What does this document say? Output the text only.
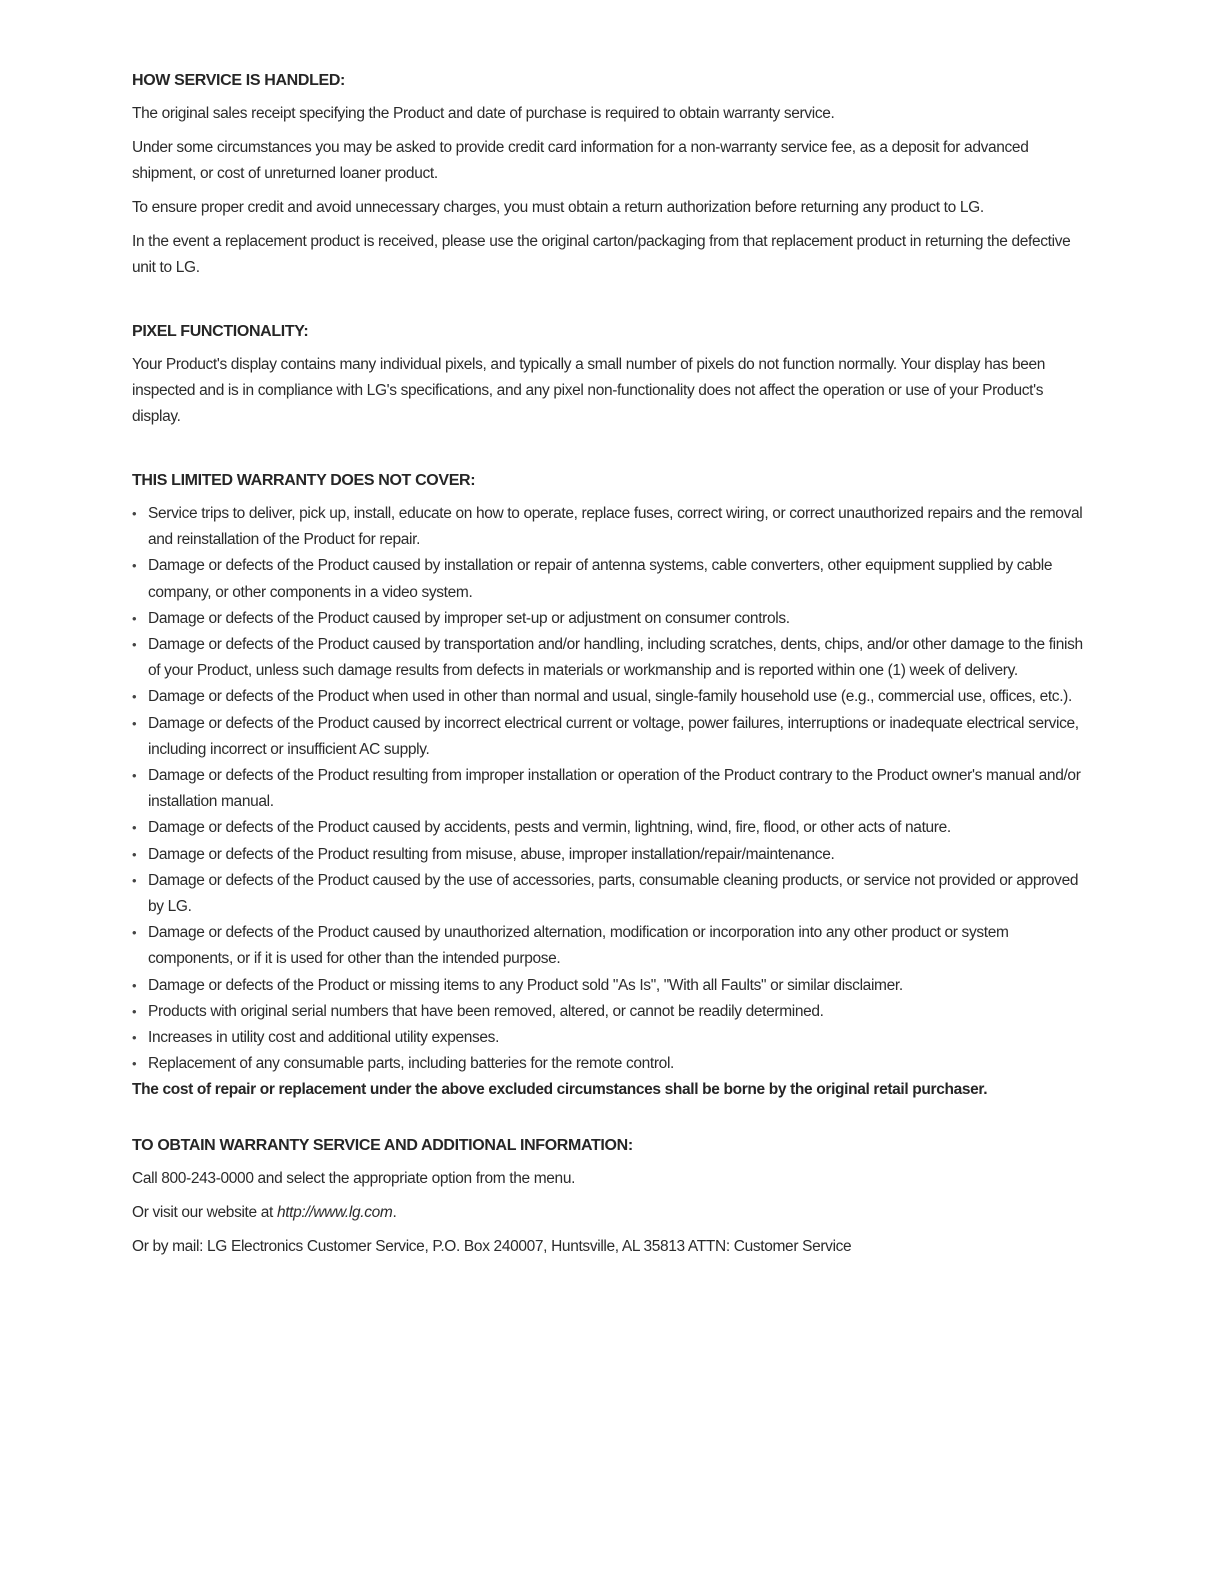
HOW SERVICE IS HANDLED:
The original sales receipt specifying the Product and date of purchase is required to obtain warranty service.
Under some circumstances you may be asked to provide credit card information for a non-warranty service fee, as a deposit for advanced shipment, or cost of unreturned loaner product.
To ensure proper credit and avoid unnecessary charges, you must obtain a return authorization before returning any product to LG.
In the event a replacement product is received, please use the original carton/packaging from that replacement product in returning the defective unit to LG.
PIXEL FUNCTIONALITY:
Your Product's display contains many individual pixels, and typically a small number of pixels do not function normally. Your display has been inspected and is in compliance with LG's specifications, and any pixel non-functionality does not affect the operation or use of your Product's display.
THIS LIMITED WARRANTY DOES NOT COVER:
• Service trips to deliver, pick up, install, educate on how to operate, replace fuses, correct wiring, or correct unauthorized repairs and the removal and reinstallation of the Product for repair.
• Damage or defects of the Product caused by installation or repair of antenna systems, cable converters, other equipment supplied by cable company, or other components in a video system.
• Damage or defects of the Product caused by improper set-up or adjustment on consumer controls.
• Damage or defects of the Product caused by transportation and/or handling, including scratches, dents, chips, and/or other damage to the finish of your Product, unless such damage results from defects in materials or workmanship and is reported within one (1) week of delivery.
• Damage or defects of the Product when used in other than normal and usual, single-family household use (e.g., commercial use, offices, etc.).
• Damage or defects of the Product caused by incorrect electrical current or voltage, power failures, interruptions or inadequate electrical service, including incorrect or insufficient AC supply.
• Damage or defects of the Product resulting from improper installation or operation of the Product contrary to the Product owner's manual and/or installation manual.
• Damage or defects of the Product caused by accidents, pests and vermin, lightning, wind, fire, flood, or other acts of nature.
• Damage or defects of the Product resulting from misuse, abuse, improper installation/repair/maintenance.
• Damage or defects of the Product caused by the use of accessories, parts, consumable cleaning products, or service not provided or approved by LG.
• Damage or defects of the Product caused by unauthorized alternation, modification or incorporation into any other product or system components, or if it is used for other than the intended purpose.
• Damage or defects of the Product or missing items to any Product sold "As Is", "With all Faults" or similar disclaimer.
• Products with original serial numbers that have been removed, altered, or cannot be readily determined.
• Increases in utility cost and additional utility expenses.
• Replacement of any consumable parts, including batteries for the remote control.
The cost of repair or replacement under the above excluded circumstances shall be borne by the original retail purchaser.
TO OBTAIN WARRANTY SERVICE AND ADDITIONAL INFORMATION:
Call 800-243-0000 and select the appropriate option from the menu.
Or visit our website at http://www.lg.com.
Or by mail: LG Electronics Customer Service, P.O. Box 240007, Huntsville, AL 35813 ATTN: Customer Service
